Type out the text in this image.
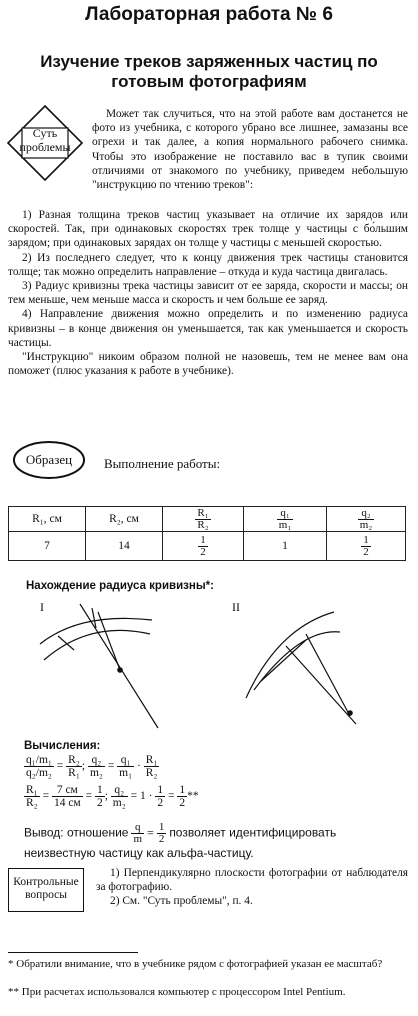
Лабораторная работа № 6
Изучение треков заряженных частиц по готовым фотографиям
Суть проблемы

Может так случиться, что на этой работе вам достанется не фото из учебника, с которого убрано все лишнее, замазаны все огрехи и так далее, а копия нормального рабочего снимка. Чтобы это изображение не поставило вас в тупик своими отличиями от знакомого по учебнику, приведем небольшую "инструкцию по чтению треков":

1) Разная толщина треков частиц указывает на отличие их зарядов или скоростей. Так, при одинаковых скоростях трек толще у частицы с бо́льшим зарядом; при одинаковых зарядах он толще у частицы с меньшей скоростью.

2) Из последнего следует, что к концу движения трек частицы становится толще; так можно определить направление – откуда и куда частица двигалась.

3) Радиус кривизны трека частицы зависит от ее заряда, скорости и массы; он тем меньше, чем меньше масса и скорость и чем больше ее заряд.

4) Направление движения можно определить и по изменению радиуса кривизны – в конце движения он уменьшается, так как уменьшается и скорость частицы.

"Инструкцию" никоим образом полной не назовешь, тем не менее вам она поможет (плюс указания к работе в учебнике).

Образец	Выполнение работы:
R₁, см	R₂, см	$\frac{\text{R₁}}{\text{R₂}}$	$\frac{\text{q₁}}{\text{m₁}}$	$\frac{\text{q₂}}{\text{m₂}}$

7	14	$\frac{1}{2}$	1	$\frac{1}{2}$
Нахождение радиуса кривизны*:
I	II
Вычисления:
$\frac{\text{q₁/m₁}}{\text{q₂/m₂}} = \frac{\text{R₂}}{\text{R₁}}$ ; $\frac{\text{q₂}}{\text{m₂}} = \frac{\text{q₁}}{\text{m₁}} \cdot \frac{\text{R₁}}{\text{R₂}}$
$\frac{\text{R₁}}{\text{R₂}} = \frac{7 см}{14 см} = \frac{1}{2}$ ; $\frac{\text{q₂}}{\text{m₂}} = 1 \cdot \frac{1}{2} = \frac{1}{2}$ **
Вывод: отношение $\frac{q}{m} = \frac{1}{2}$ позволяет идентифицировать неизвестную частицу как альфа-частицу.
Контрольные вопросы

1) Перпендикулярно плоскости фотографии от наблюдателя за фотографию.

2) См. "Суть проблемы", п. 4.

* Обратили внимание, что в учебнике рядом с фотографией указан ее масштаб?

** При расчетах использовался компьютер с процессором Intel Pentium.
